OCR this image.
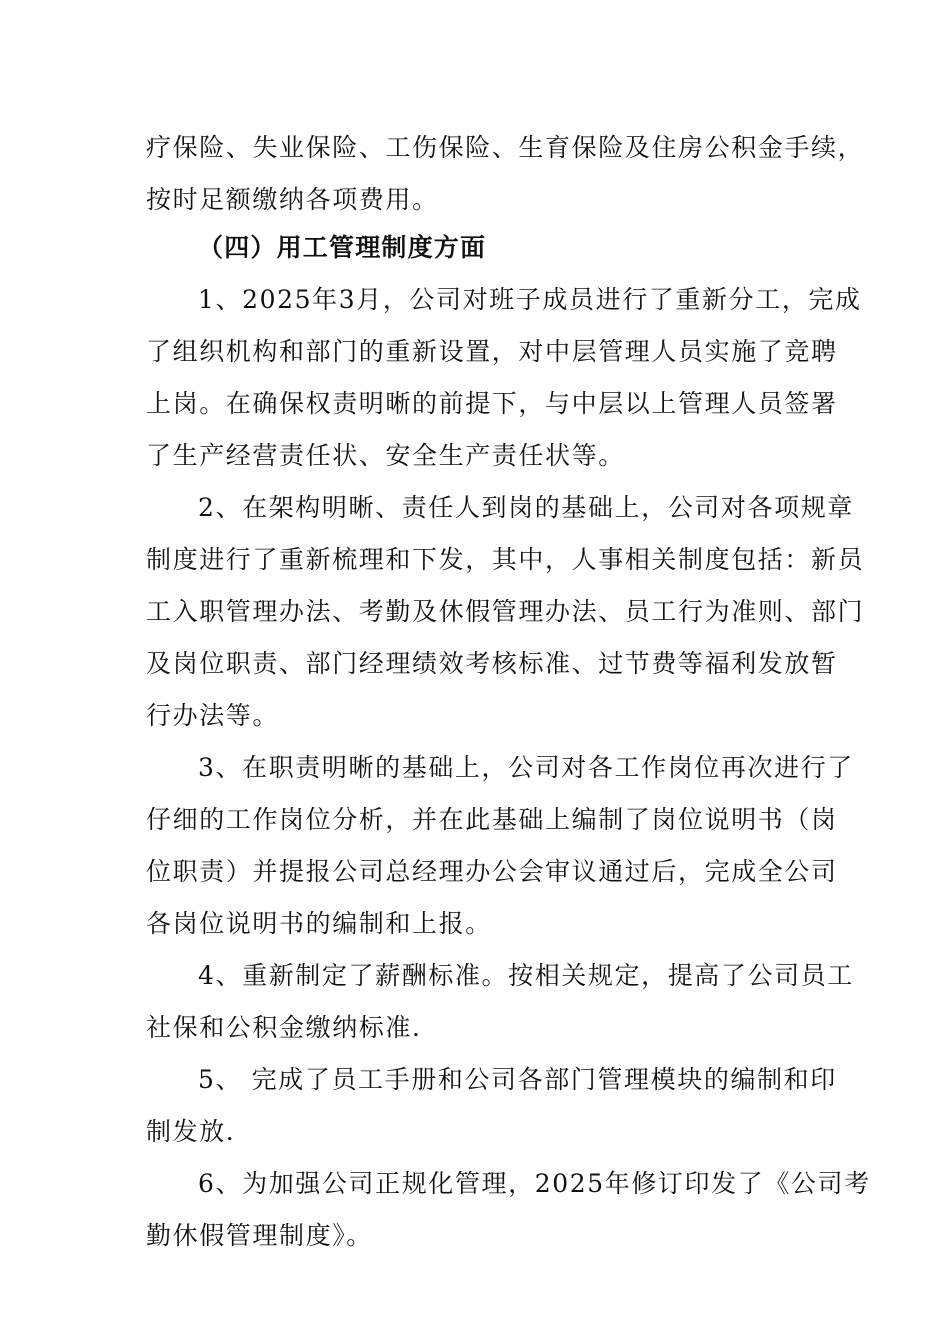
疗保险、失业保险、工伤保险、生育保险及住房公积金手续，
按时足额缴纳各项费用。
（四）用工管理制度方面
1、2025年3月，公司对班子成员进行了重新分工，完成
了组织机构和部门的重新设置，对中层管理人员实施了竞聘
上岗。在确保权责明晰的前提下，与中层以上管理人员签署
了生产经营责任状、安全生产责任状等。
2、在架构明晰、责任人到岗的基础上，公司对各项规章
制度进行了重新梳理和下发，其中，人事相关制度包括：新员
工入职管理办法、考勤及休假管理办法、员工行为准则、部门
及岗位职责、部门经理绩效考核标准、过节费等福利发放暂
行办法等。
3、在职责明晰的基础上，公司对各工作岗位再次进行了
仔细的工作岗位分析，并在此基础上编制了岗位说明书（岗
位职责）并提报公司总经理办公会审议通过后，完成全公司
各岗位说明书的编制和上报。
4、重新制定了薪酬标准。按相关规定，提高了公司员工
社保和公积金缴纳标准.
5、 完成了员工手册和公司各部门管理模块的编制和印
制发放.
6、为加强公司正规化管理，2025年修订印发了《公司考
勤休假管理制度》。
